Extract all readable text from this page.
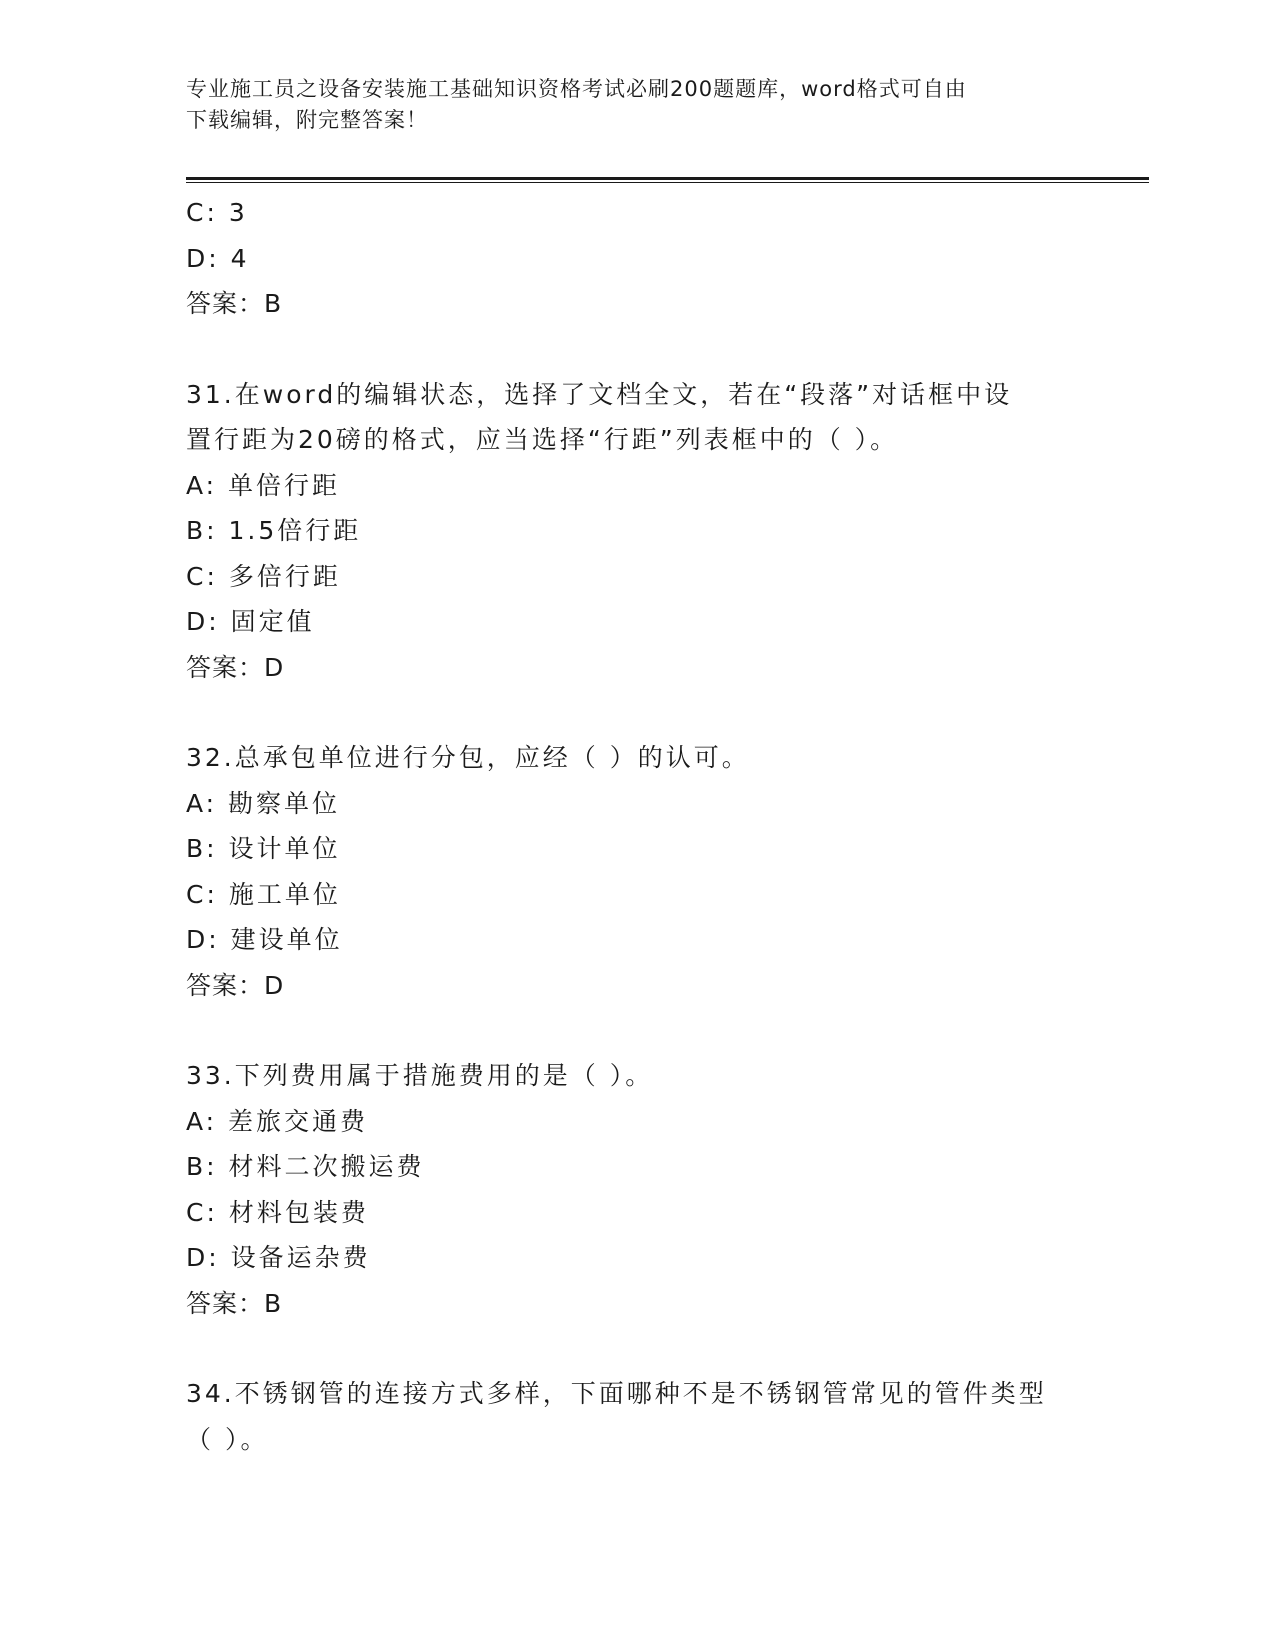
专业施工员之设备安装施工基础知识资格考试必刷200题题库，word格式可自由
下载编辑，附完整答案！
C: 3
D: 4
答案：B
31.在word的编辑状态，选择了文档全文，若在“段落”对话框中设
置行距为20磅的格式，应当选择“行距”列表框中的（ ）。
A: 单倍行距
B: 1.5倍行距
C: 多倍行距
D: 固定值
答案：D
32.总承包单位进行分包，应经（ ）的认可。
A: 勘察单位
B: 设计单位
C: 施工单位
D: 建设单位
答案：D
33.下列费用属于措施费用的是（ ）。
A: 差旅交通费
B: 材料二次搬运费
C: 材料包装费
D: 设备运杂费
答案：B
34.不锈钢管的连接方式多样，下面哪种不是不锈钢管常见的管件类型
（ ）。
